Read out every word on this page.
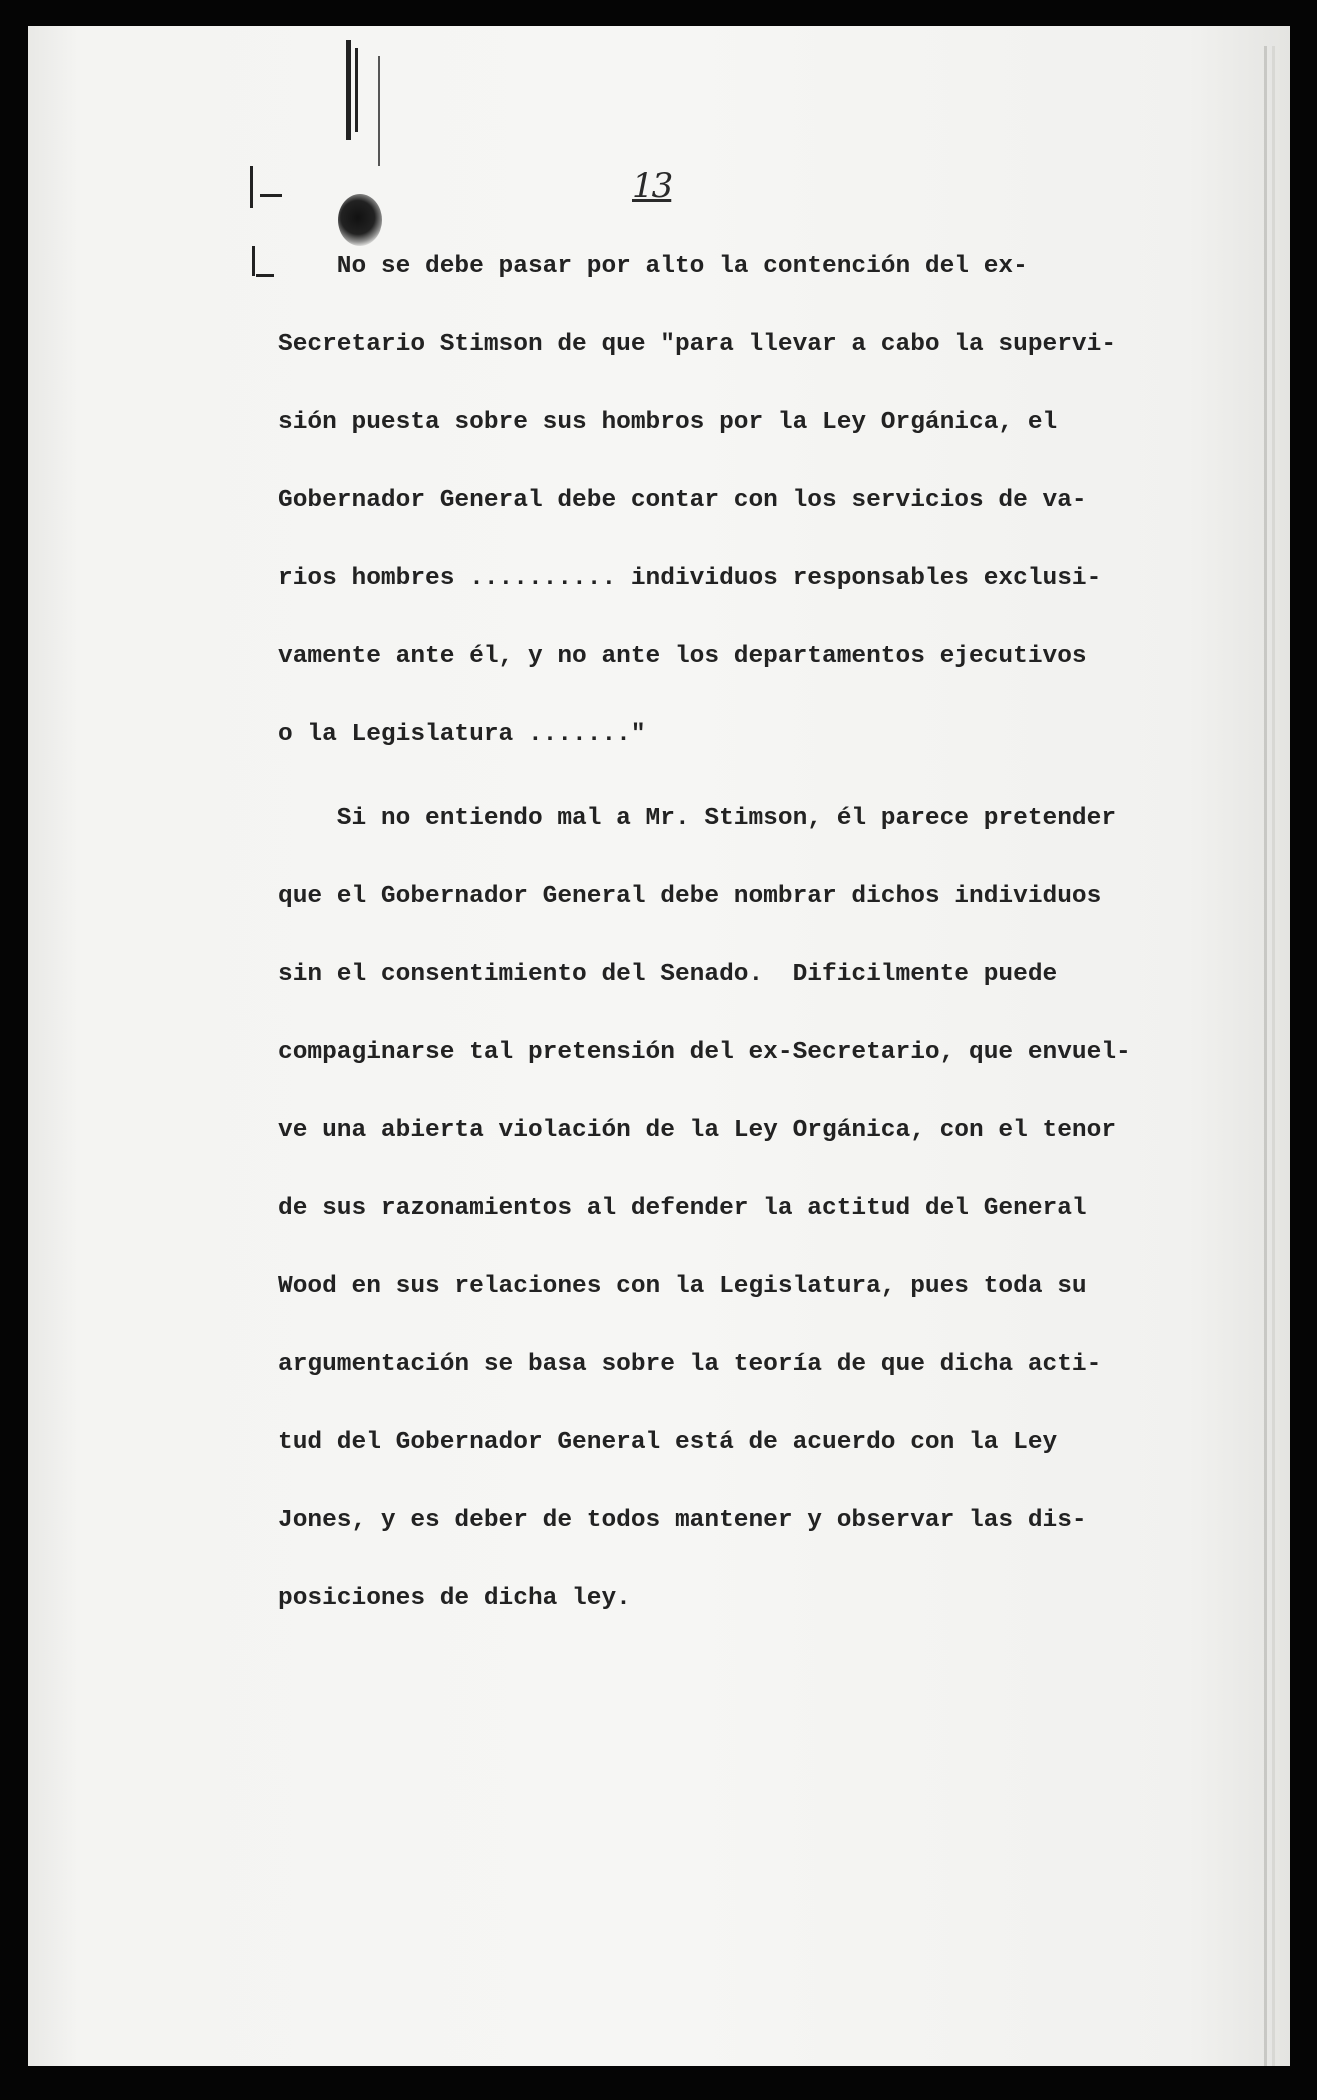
13
No se debe pasar por alto la contención del ex-
Secretario Stimson de que "para llevar a cabo la supervi-
sión puesta sobre sus hombros por la Ley Orgánica, el
Gobernador General debe contar con los servicios de va-
rios hombres .......... individuos responsables exclusi-
vamente ante él, y no ante los departamentos ejecutivos
o la Legislatura ......."
Si no entiendo mal a Mr. Stimson, él parece pretender
que el Gobernador General debe nombrar dichos individuos
sin el consentimiento del Senado.  Dificilmente puede
compaginarse tal pretensión del ex-Secretario, que envuel-
ve una abierta violación de la Ley Orgánica, con el tenor
de sus razonamientos al defender la actitud del General
Wood en sus relaciones con la Legislatura, pues toda su
argumentación se basa sobre la teoría de que dicha acti-
tud del Gobernador General está de acuerdo con la Ley
Jones, y es deber de todos mantener y observar las dis-
posiciones de dicha ley.
